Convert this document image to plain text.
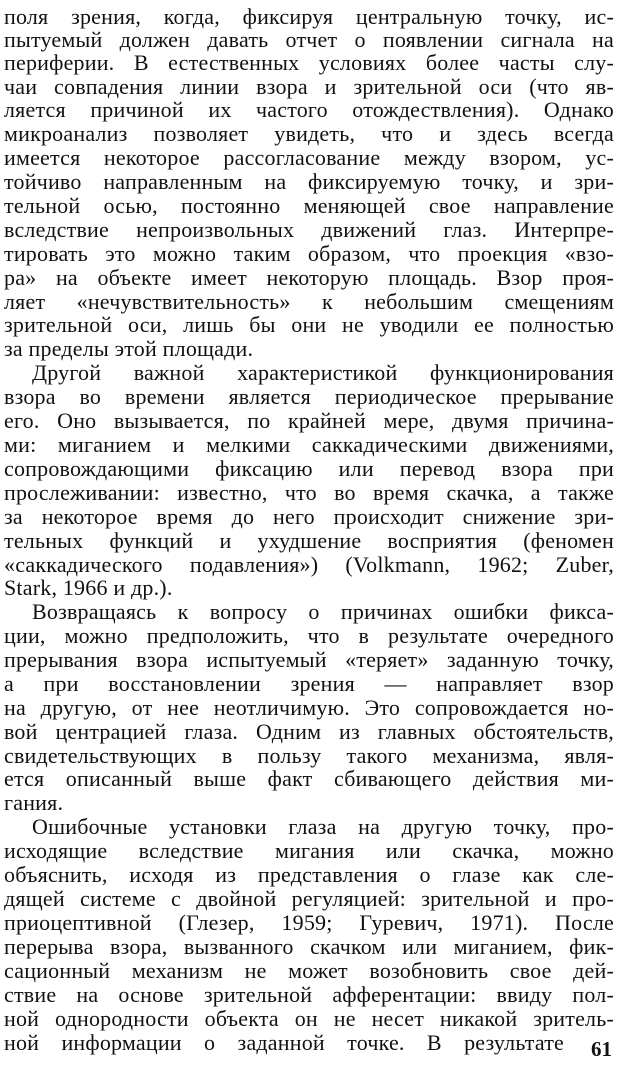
поля зрения, когда, фиксируя центральную точку, ис-
пытуемый должен давать отчет о появлении сигнала на
периферии. В естественных условиях более часты слу-
чаи совпадения линии взора и зрительной оси (что яв-
ляется причиной их частого отождествления). Однако
микроанализ позволяет увидеть, что и здесь всегда
имеется некоторое рассогласование между взором, ус-
тойчиво направленным на фиксируемую точку, и зри-
тельной осью, постоянно меняющей свое направление
вследствие непроизвольных движений глаз. Интерпре-
тировать это можно таким образом, что проекция «взо-
ра» на объекте имеет некоторую площадь. Взор проя-
ляет «нечувствительность» к небольшим смещениям
зрительной оси, лишь бы они не уводили ее полностью
за пределы этой площади.
Другой важной характеристикой функционирования
взора во времени является периодическое прерывание
его. Оно вызывается, по крайней мере, двумя причина-
ми: миганием и мелкими саккадическими движениями,
сопровождающими фиксацию или перевод взора при
прослеживании: известно, что во время скачка, а также
за некоторое время до него происходит снижение зри-
тельных функций и ухудшение восприятия (феномен
«саккадического подавления») (Volkmann, 1962; Zuber,
Stark, 1966 и др.).
Возвращаясь к вопросу о причинах ошибки фикса-
ции, можно предположить, что в результате очередного
прерывания взора испытуемый «теряет» заданную точку,
а при восстановлении зрения — направляет взор
на другую, от нее неотличимую. Это сопровождается но-
вой центрацией глаза. Одним из главных обстоятельств,
свидетельствующих в пользу такого механизма, явля-
ется описанный выше факт сбивающего действия ми-
гания.
Ошибочные установки глаза на другую точку, про-
исходящие вследствие мигания или скачка, можно
объяснить, исходя из представления о глазе как сле-
дящей системе с двойной регуляцией: зрительной и про-
приоцептивной (Глезер, 1959; Гуревич, 1971). После
перерыва взора, вызванного скачком или миганием, фик-
сационный механизм не может возобновить свое дей-
ствие на основе зрительной афферентации: ввиду пол-
ной однородности объекта он не несет никакой зритель-
ной информации о заданной точке. В результате 61
